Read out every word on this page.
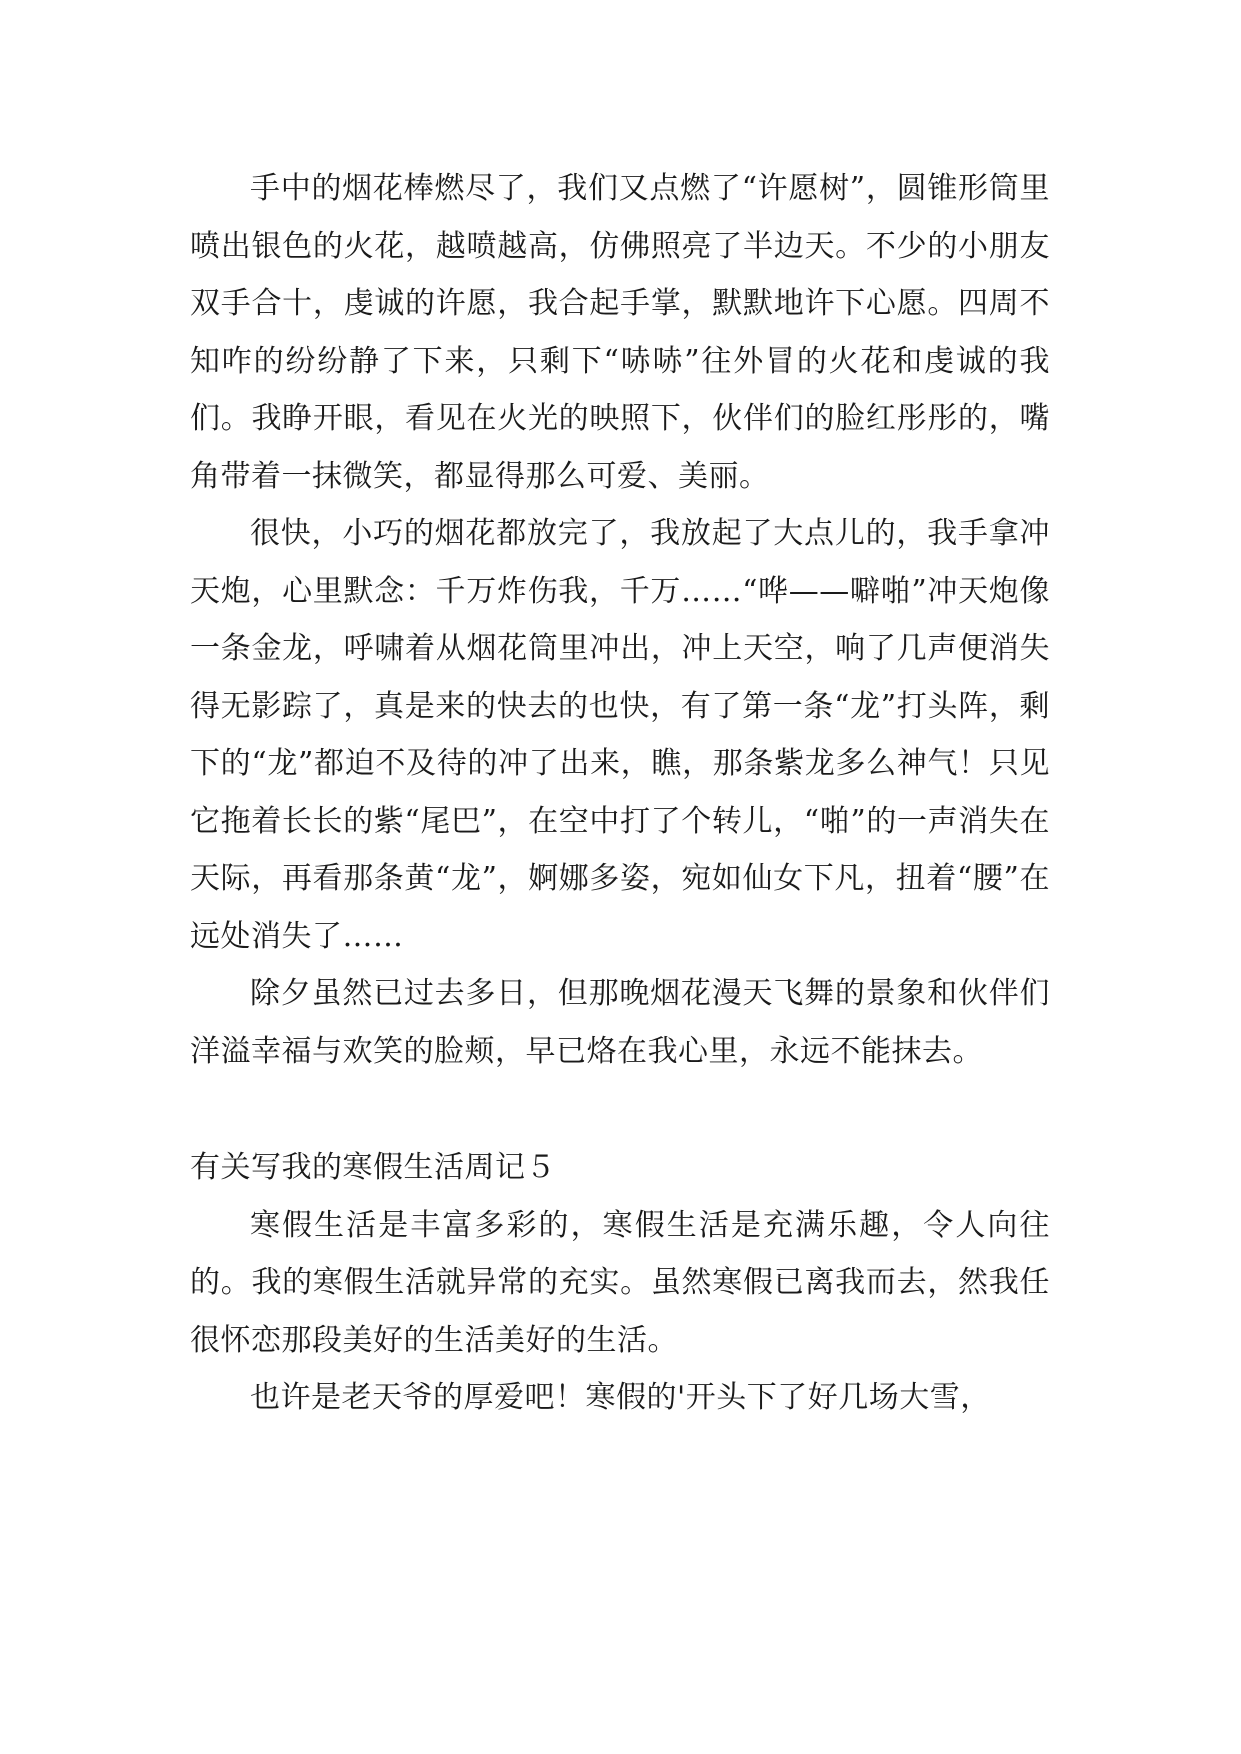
手中的烟花棒燃尽了，我们又点燃了“许愿树”，圆锥形筒里喷出银色的火花，越喷越高，仿佛照亮了半边天。不少的小朋友双手合十，虔诚的许愿，我合起手掌，默默地许下心愿。四周不知咋的纷纷静了下来，只剩下“哧哧”往外冒的火花和虔诚的我们。我睁开眼，看见在火光的映照下，伙伴们的脸红彤彤的，嘴角带着一抹微笑，都显得那么可爱、美丽。

很快，小巧的烟花都放完了，我放起了大点儿的，我手拿冲天炮，心里默念：千万炸伤我，千万……“哗——噼啪”冲天炮像一条金龙，呼啸着从烟花筒里冲出，冲上天空，响了几声便消失得无影踪了，真是来的快去的也快，有了第一条“龙”打头阵，剩下的“龙”都迫不及待的冲了出来，瞧，那条紫龙多么神气！只见它拖着长长的紫“尾巴”，在空中打了个转儿，“啪”的一声消失在天际，再看那条黄“龙”，婀娜多姿，宛如仙女下凡，扭着“腰”在远处消失了……

除夕虽然已过去多日，但那晚烟花漫天飞舞的景象和伙伴们洋溢幸福与欢笑的脸颊，早已烙在我心里，永远不能抹去。

有关写我的寒假生活周记５

寒假生活是丰富多彩的，寒假生活是充满乐趣，令人向往的。我的寒假生活就异常的充实。虽然寒假已离我而去，然我任很怀恋那段美好的生活美好的生活。

也许是老天爷的厚爱吧！寒假的'开头下了好几场大雪，
